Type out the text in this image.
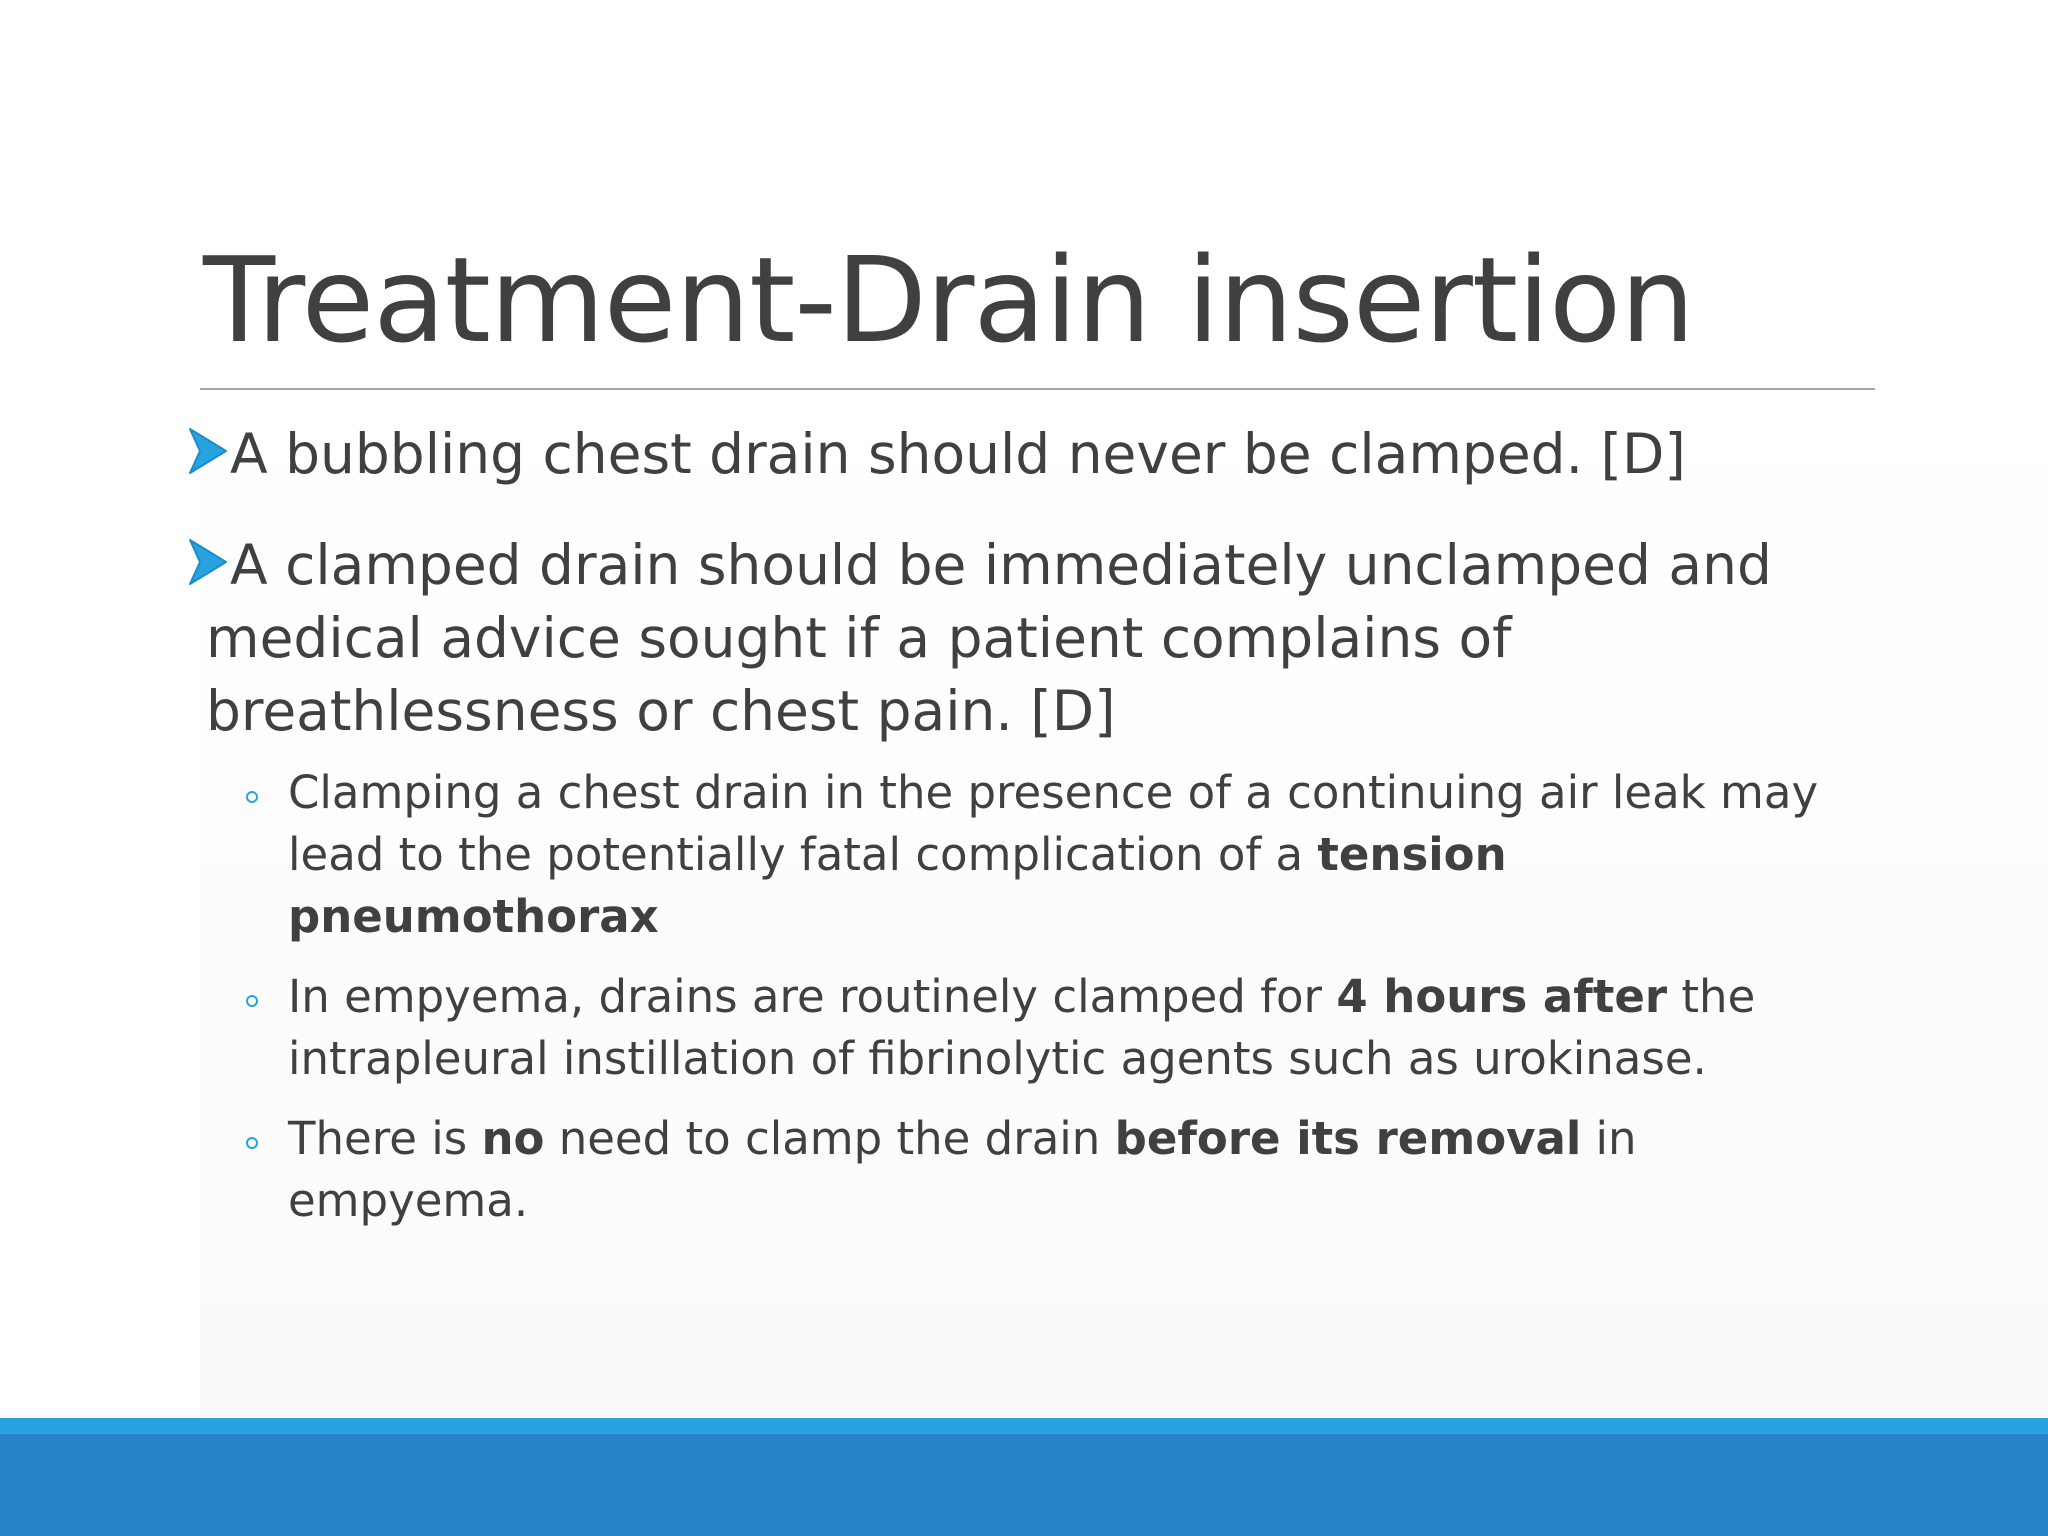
Treatment-Drain insertion
A bubbling chest drain should never be clamped. [D]
A clamped drain should be immediately unclamped and medical advice sought if a patient complains of breathlessness or chest pain. [D]
Clamping a chest drain in the presence of a continuing air leak may lead to the potentially fatal complication of a tension pneumothorax
In empyema, drains are routinely clamped for 4 hours after the intrapleural instillation of fibrinolytic agents such as urokinase.
There is no need to clamp the drain before its removal in empyema.
